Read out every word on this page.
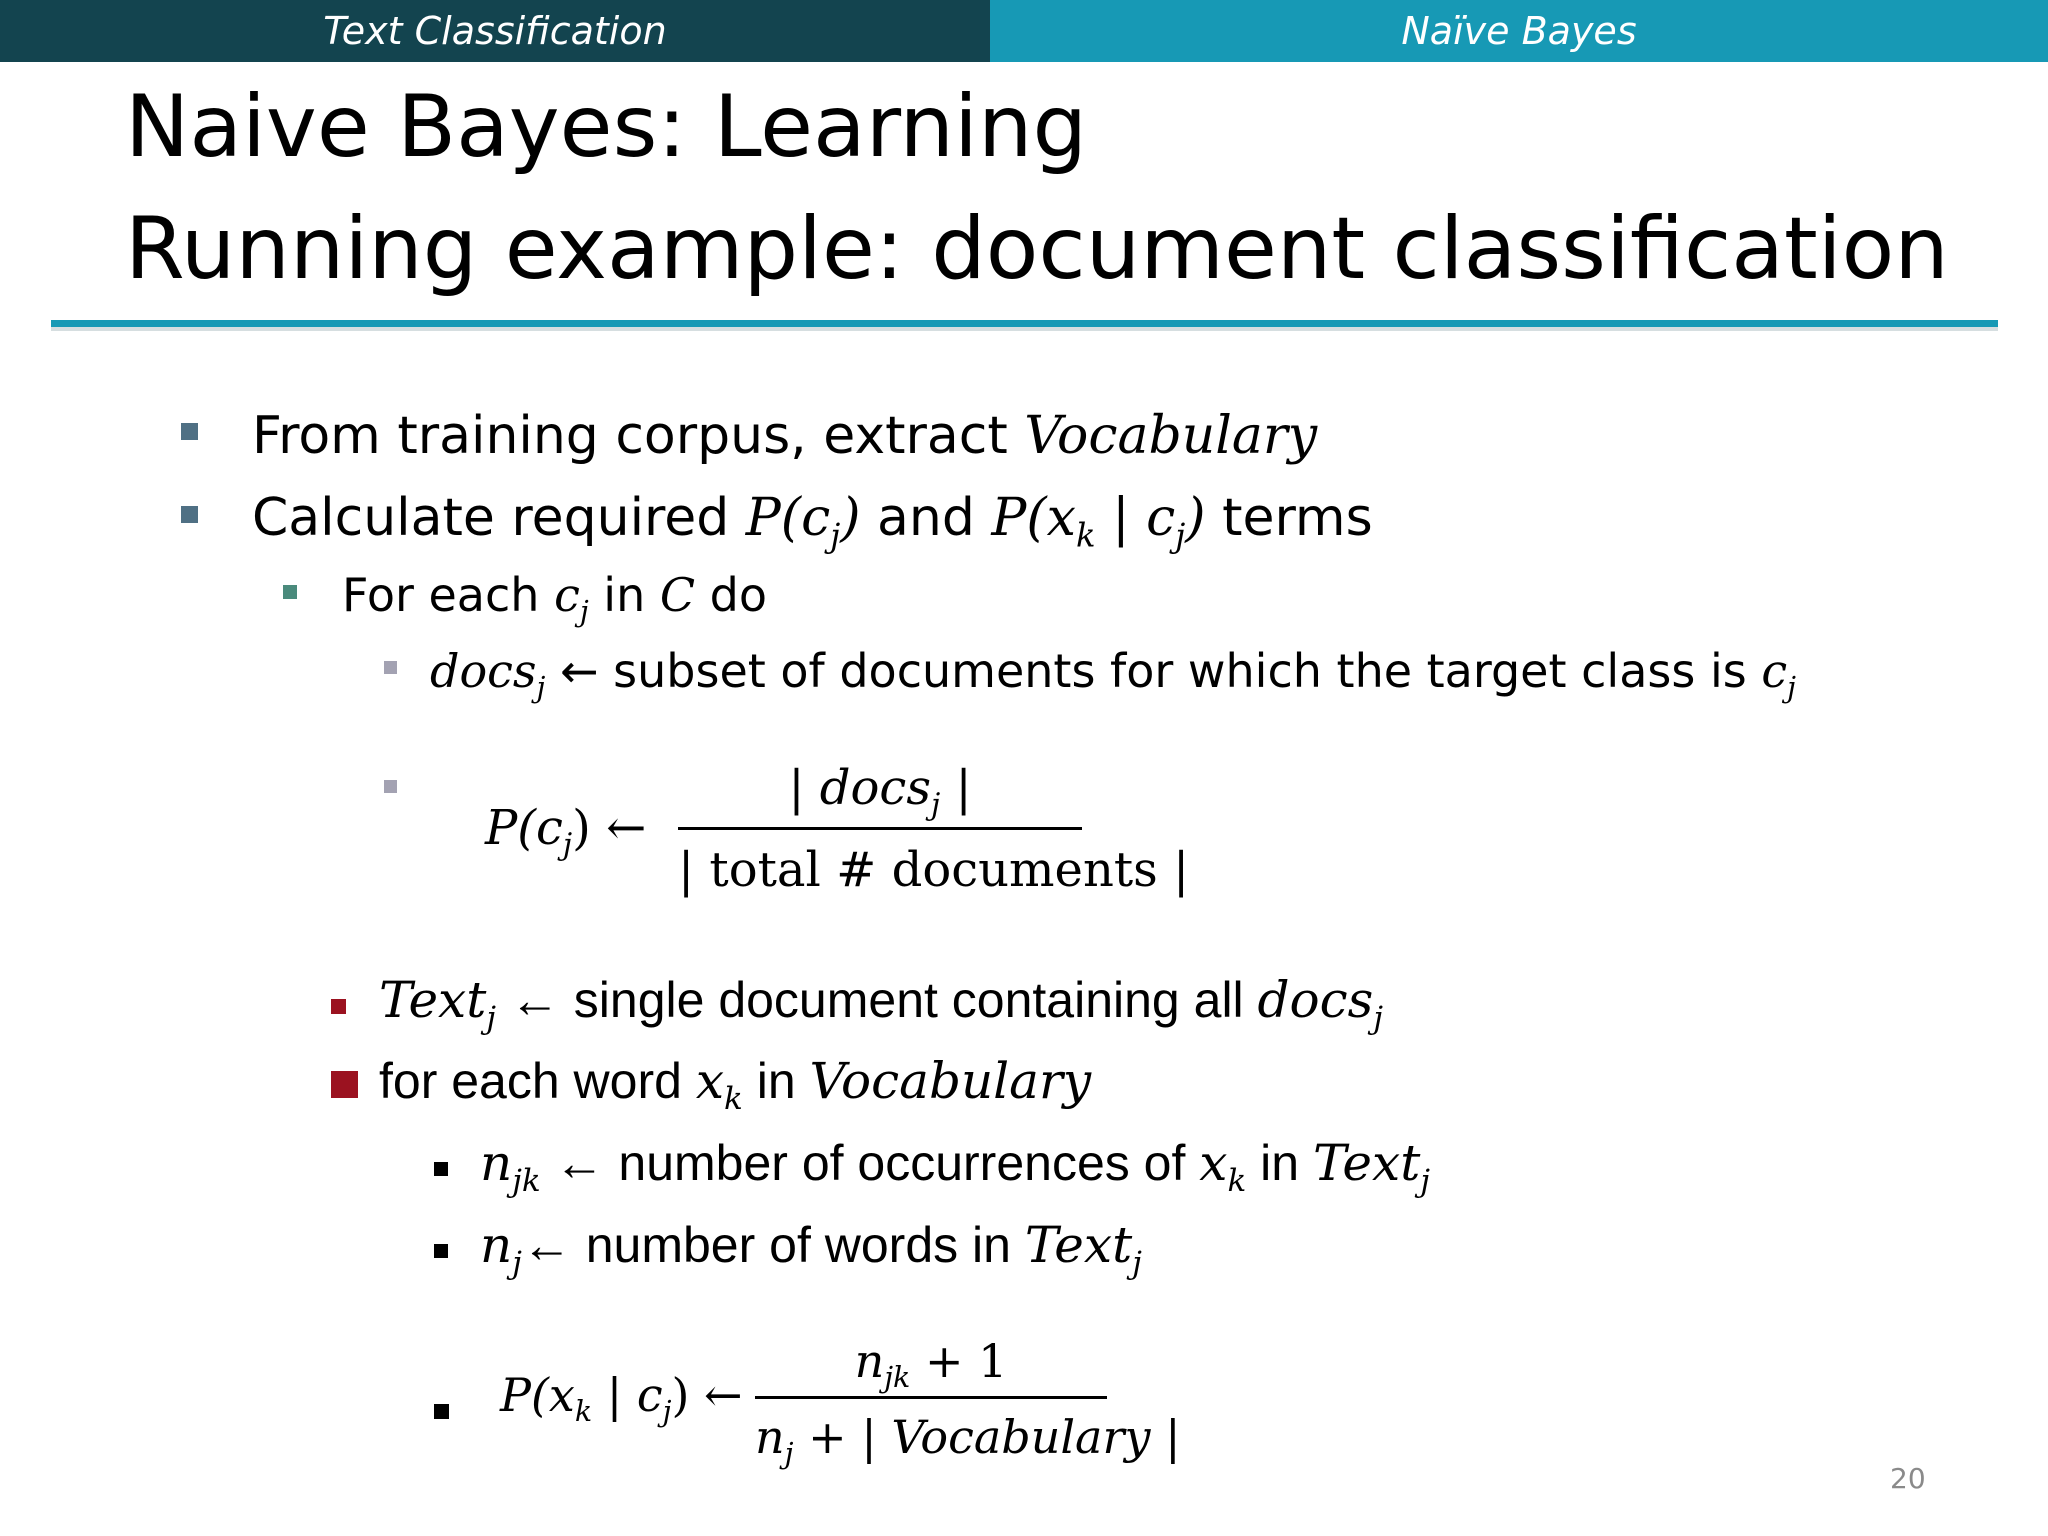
Text Classification	Naïve Bayes
Naive Bayes: Learning
Running example: document classification
From training corpus, extract Vocabulary
Calculate required $P(c_j)$ and $P(x_k$ | $c_j$) terms
For each $c_j$ in C do
docs$_j$ ← subset of documents for which the target class is $c_j$
$P(c_j)$ ←
| docs$_j$ |
| total # documents |
Text$_j$ ← single document containing all docs$_j$
for each word $x_k$ in Vocabulary
$n_{jk}$ ← number of occurrences of $x_k$ in Text$_j$
$n_j\leftarrow$ number of words in Text$_j$
$P(x_k$ | $c_j$) ←
$n_{jk} + 1$
$n_j$ + | Vocabulary |
20
